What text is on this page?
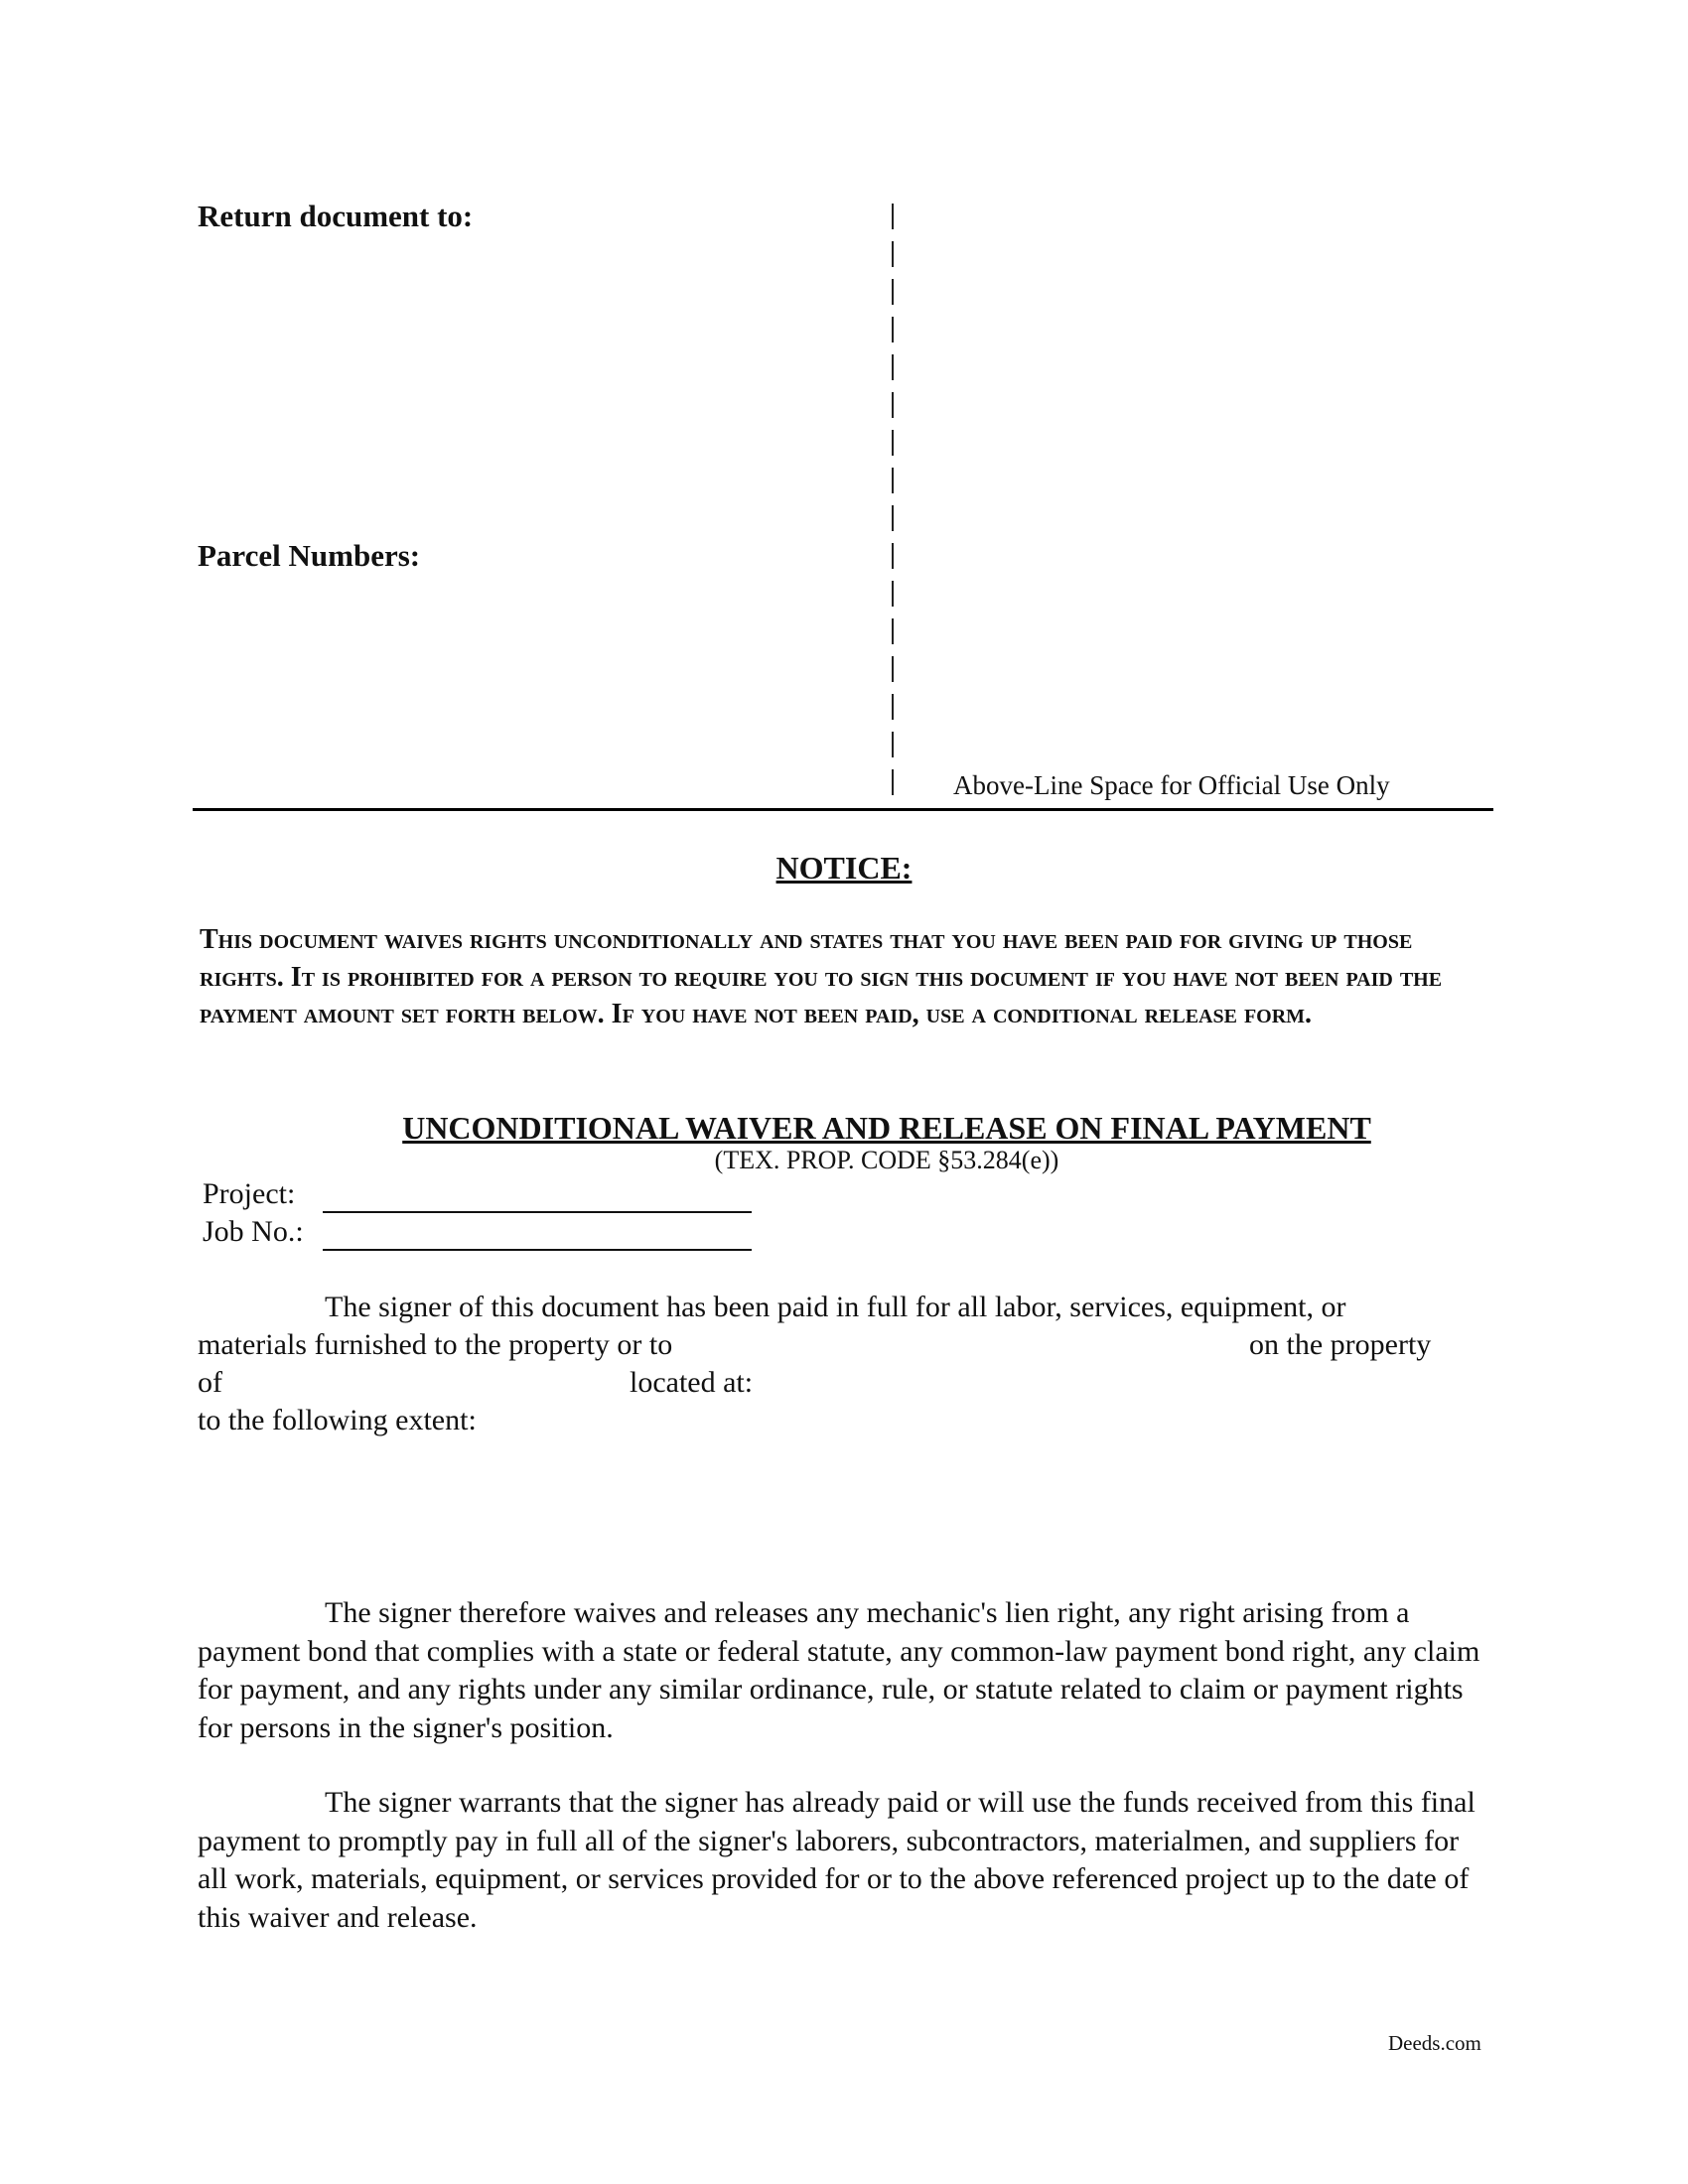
Return document to:
Parcel Numbers:
Above-Line Space for Official Use Only
NOTICE:
This document waives rights unconditionally and states that you have been paid for giving up those rights. It is prohibited for a person to require you to sign this document if you have not been paid the payment amount set forth below. If you have not been paid, use a conditional release form.
UNCONDITIONAL WAIVER AND RELEASE ON FINAL PAYMENT
(TEX. PROP. CODE §53.284(e))
Project:
Job No.:
The signer of this document has been paid in full for all labor, services, equipment, or
materials furnished to the property or to	on the property
of	located at:
to the following extent:
The signer therefore waives and releases any mechanic's lien right, any right arising from a payment bond that complies with a state or federal statute, any common-law payment bond right, any claim for payment, and any rights under any similar ordinance, rule, or statute related to claim or payment rights for persons in the signer's position.
The signer warrants that the signer has already paid or will use the funds received from this final payment to promptly pay in full all of the signer's laborers, subcontractors, materialmen, and suppliers for all work, materials, equipment, or services provided for or to the above referenced project up to the date of this waiver and release.
Deeds.com
